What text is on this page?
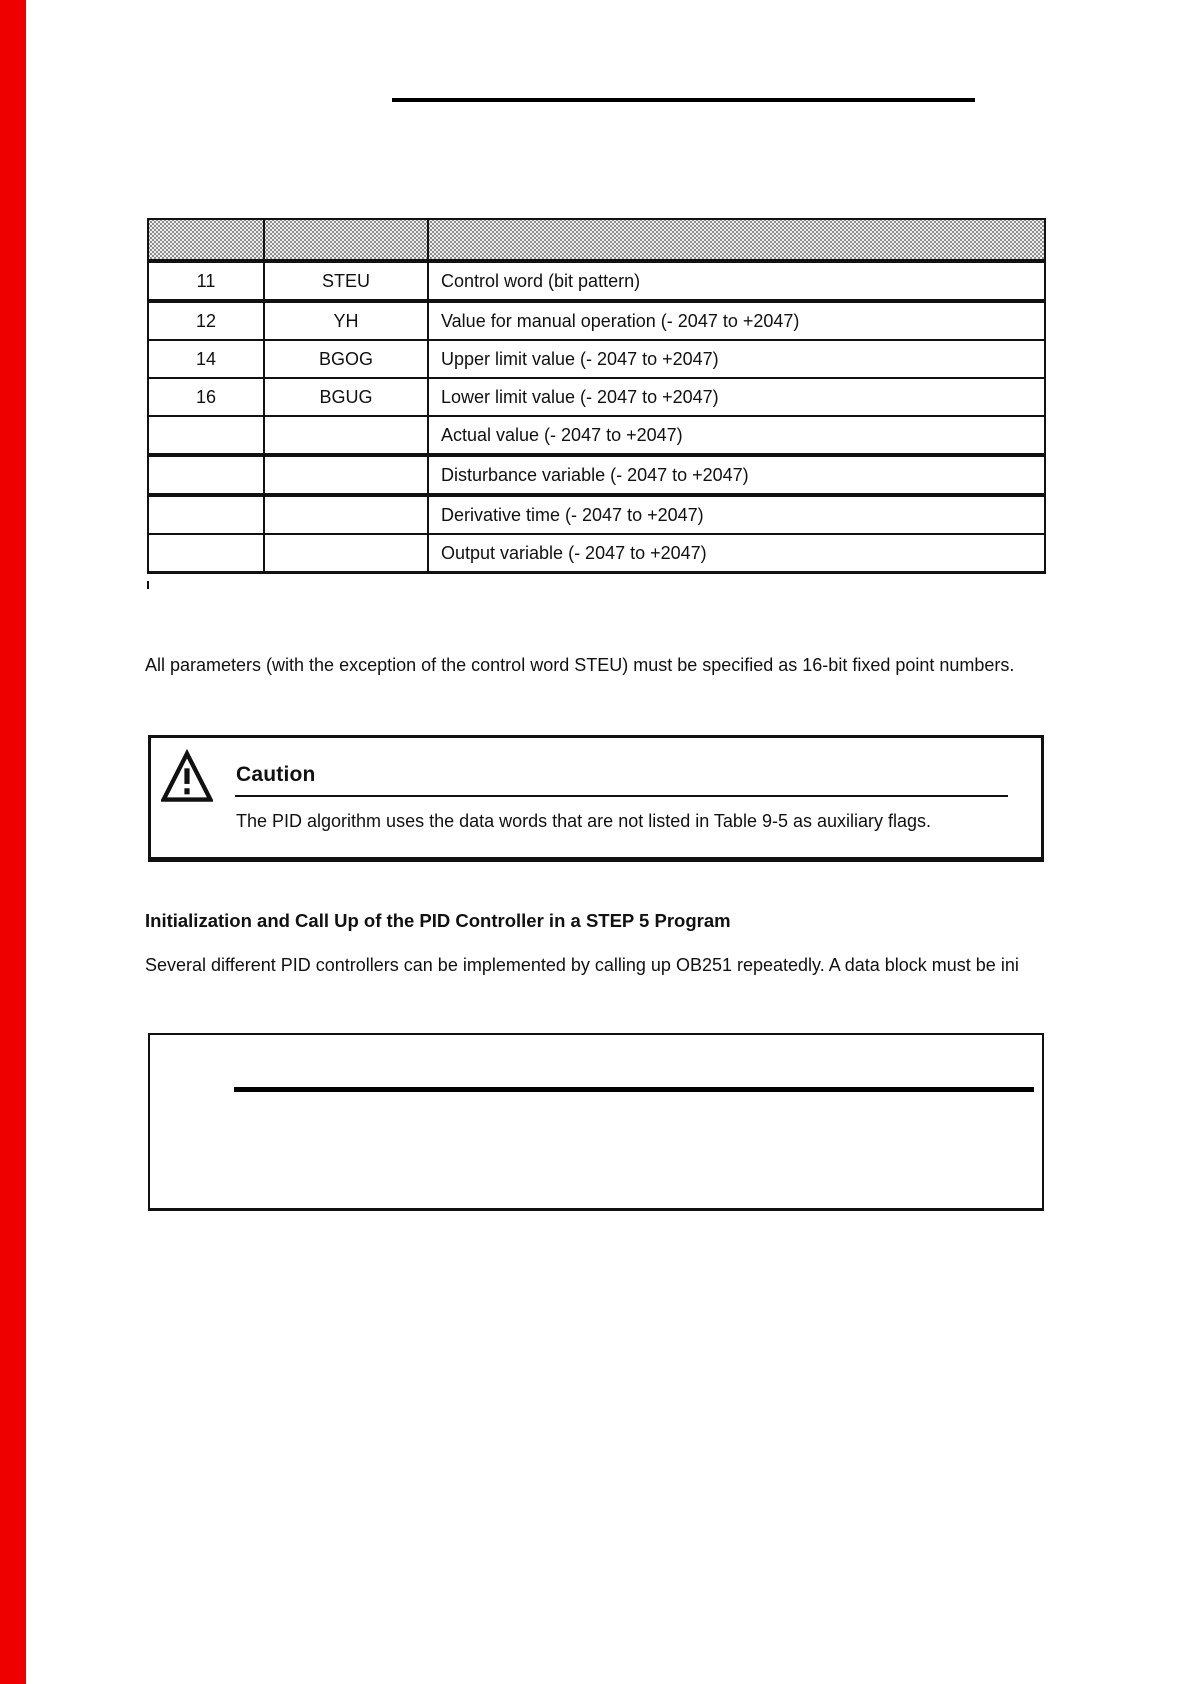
11	STEU	Control word (bit pattern)
12	YH	Value for manual operation (- 2047 to +2047)
14	BGOG	Upper limit value (- 2047 to +2047)
16	BGUG	Lower limit value (- 2047 to +2047)
		Actual value (- 2047 to +2047)
		Disturbance variable (- 2047 to +2047)
		Derivative time (- 2047 to +2047)
		Output variable (- 2047 to +2047)
All parameters (with the exception of the control word STEU) must be specified as 16-bit fixed point numbers.
Caution
The PID algorithm uses the data words that are not listed in Table 9-5 as auxiliary flags.
Initialization and Call Up of the PID Controller in a STEP 5 Program
Several different PID controllers can be implemented by calling up OB251 repeatedly. A data block must be ini
